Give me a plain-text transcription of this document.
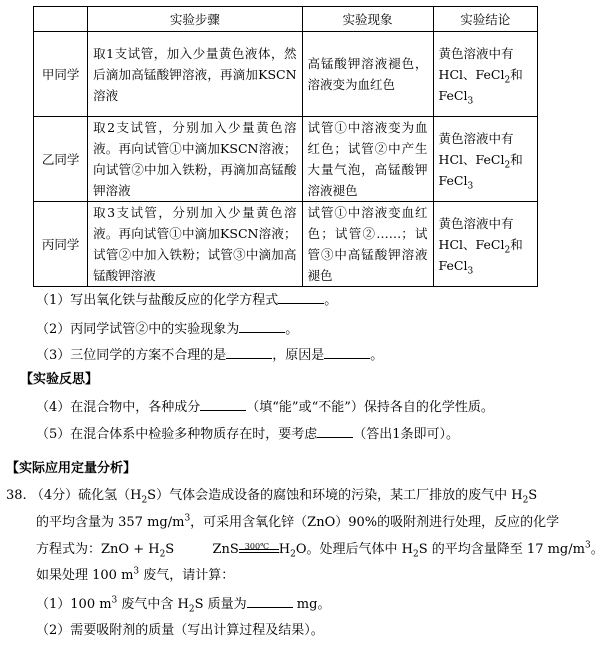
	实验步骤	实验现象	实验结论
甲同学	取1支试管，加入少量黄色液体，然后滴加高锰酸钾溶液，再滴加KSCN溶液	高锰酸钾溶液褪色，溶液变为血红色	黄色溶液中有
HCl、FeCl$_2$和
FeCl$_3$
乙同学	取2支试管，分别加入少量黄色溶液。再向试管①中滴加KSCN溶液；向试管②中加入铁粉，再滴加高锰酸钾溶液	试管①中溶液变为血红色；试管②中产生大量气泡，高锰酸钾溶液褪色	黄色溶液中有
HCl、FeCl$_2$和
FeCl$_3$
丙同学	取3支试管，分别加入少量黄色溶液。再向试管①中滴加KSCN溶液；试管②中加入铁粉；试管③中滴加高锰酸钾溶液	试管①中溶液变血红色；试管②……；试管③中高锰酸钾溶液褪色	黄色溶液中有
HCl、FeCl$_2$和
FeCl$_3$
（1）写出氧化铁与盐酸反应的化学方程式	。
（2）丙同学试管②中的实验现象为	。
（3）三位同学的方案不合理的是	，原因是	。
【实验反思】
（4）在混合物中，各种成分	（填“能”或“不能”）保持各自的化学性质。
（5）在混合体系中检验多种物质存在时，要考虑	（答出1条即可）。
【实际应用定量分析】
38. （4分）硫化氢$(H_2S)$气体会造成设备的腐蚀和环境的污染，某工厂排放的废气中 $H_2S$
的平均含量为 357 $mg/m^3$，可采用含氧化锌（ZnO）90%的吸附剂进行处理，反应的化学
方程式为：ZnO + $H_2S$	ZnS 300℃ $H_2O$。处理后气体中 $H_2S$ 的平均含量降至 17 $mg/m^3$。
如果处理 100 $m^3$ 废气，请计算：
（1）100 $m^3$ 废气中含 $H_2S$ 质量为	mg。
（2）需要吸附剂的质量（写出计算过程及结果）。
